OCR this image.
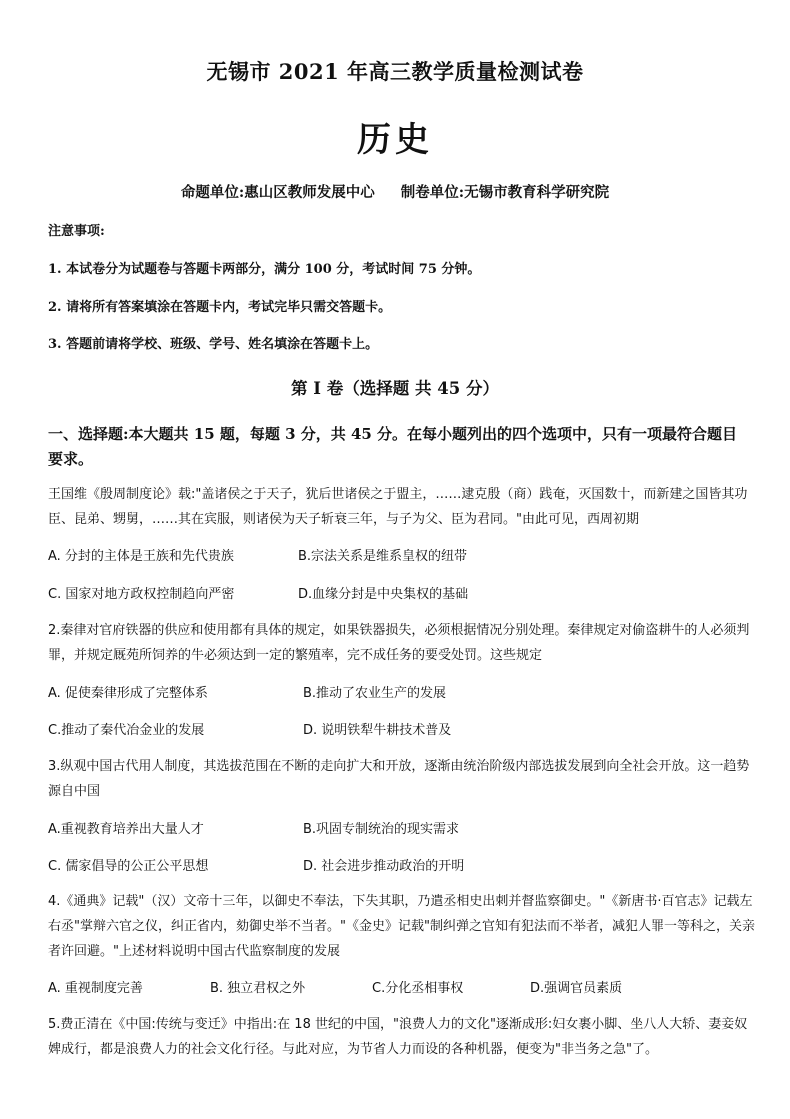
无锡市 2021 年高三教学质量检测试卷
历史
命题单位:惠山区教师发展中心 制卷单位:无锡市教育科学研究院
注意事项:
1. 本试卷分为试题卷与答题卡两部分，满分 100 分，考试时间 75 分钟。
2. 请将所有答案填涂在答题卡内，考试完毕只需交答题卡。
3. 答题前请将学校、班级、学号、姓名填涂在答题卡上。
第 I 卷（选择题 共 45 分）
一、选择题:本大题共 15 题，每题 3 分，共 45 分。在每小题列出的四个选项中，只有一项最符合题目要求。
王国维《殷周制度论》载:"盖诸侯之于天子，犹后世诸侯之于盟主，……逮克殷（商）践奄，灭国数十，而新建之国皆其功臣、昆弟、甥舅，……其在宾服，则诸侯为天子斩衰三年，与子为父、臣为君同。"由此可见，西周初期
A. 分封的主体是王族和先代贵族	B.宗法关系是维系皇权的纽带
C. 国家对地方政权控制趋向严密	D.血缘分封是中央集权的基础
2.秦律对官府铁器的供应和使用都有具体的规定，如果铁器损失，必须根据情况分别处理。秦律规定对偷盗耕牛的人必须判罪，并规定厩苑所饲养的牛必须达到一定的繁殖率，完不成任务的要受处罚。这些规定
A. 促使秦律形成了完整体系	B.推动了农业生产的发展
C.推动了秦代冶金业的发展	D. 说明铁犁牛耕技术普及
3.纵观中国古代用人制度，其选拔范围在不断的走向扩大和开放，逐渐由统治阶级内部选拔发展到向全社会开放。这一趋势源自中国
A.重视教育培养出大量人才	B.巩固专制统治的现实需求
C. 儒家倡导的公正公平思想	D. 社会进步推动政治的开明
4.《通典》记载"（汉）文帝十三年，以御史不奉法，下失其职，乃遣丞相史出刺并督监察御史。"《新唐书·百官志》记载左右丞"掌辩六官之仪，纠正省内，劾御史举不当者。"《金史》记载"制纠弹之官知有犯法而不举者，减犯人罪一等科之，关亲者许回避。"上述材料说明中国古代监察制度的发展
A. 重视制度完善	B. 独立君权之外	C.分化丞相事权	D.强调官员素质
5.费正清在《中国:传统与变迁》中指出:在 18 世纪的中国，"浪费人力的文化"逐渐成形:妇女裹小脚、坐八人大轿、妻妾奴婢成行，都是浪费人力的社会文化行径。与此对应，为节省人力而设的各种机器，便变为"非当务之急"了。
